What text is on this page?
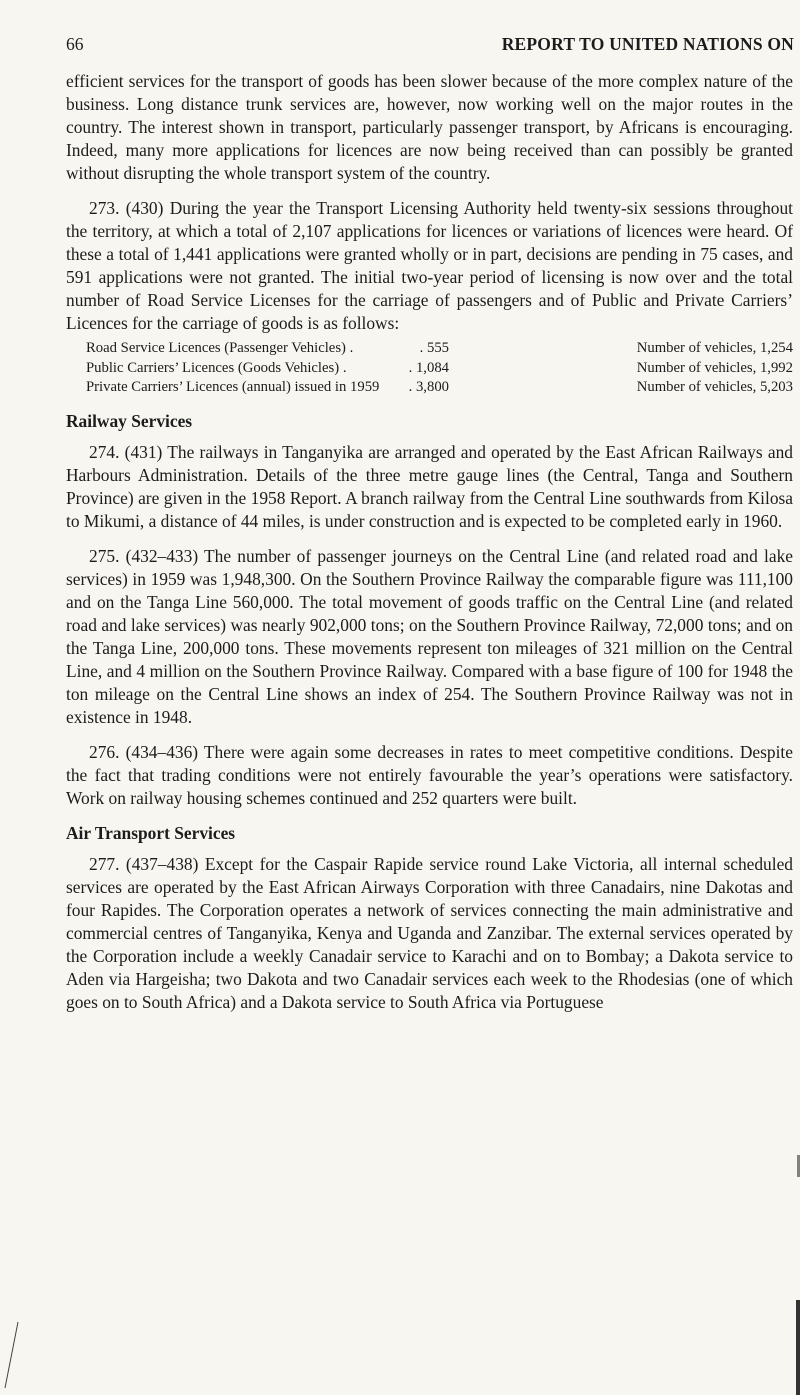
66	REPORT TO UNITED NATIONS ON

efficient services for the transport of goods has been slower because of the more complex nature of the business. Long distance trunk services are, however, now working well on the major routes in the country. The interest shown in transport, particularly passenger transport, by Africans is encouraging. Indeed, many more applications for licences are now being received than can possibly be granted without disrupting the whole transport system of the country.

273. (430) During the year the Transport Licensing Authority held twenty-six sessions throughout the territory, at which a total of 2,107 applications for licences or variations of licences were heard. Of these a total of 1,441 applications were granted wholly or in part, decisions are pending in 75 cases, and 591 applications were not granted. The initial two-year period of licensing is now over and the total number of Road Service Licenses for the carriage of passengers and of Public and Private Carriers’ Licences for the carriage of goods is as follows:

Road Service Licences (Passenger Vehicles) .	. 555	Number of vehicles, 1,254
Public Carriers’ Licences (Goods Vehicles) .	. 1,084	Number of vehicles, 1,992
Private Carriers’ Licences (annual) issued in 1959 . 3,800	Number of vehicles, 5,203
Railway Services

274. (431) The railways in Tanganyika are arranged and operated by the East African Railways and Harbours Administration. Details of the three metre gauge lines (the Central, Tanga and Southern Province) are given in the 1958 Report. A branch railway from the Central Line southwards from Kilosa to Mikumi, a distance of 44 miles, is under construction and is expected to be completed early in 1960.

275. (432–433) The number of passenger journeys on the Central Line (and related road and lake services) in 1959 was 1,948,300. On the Southern Province Railway the comparable figure was 111,100 and on the Tanga Line 560,000. The total movement of goods traffic on the Central Line (and related road and lake services) was nearly 902,000 tons; on the Southern Province Railway, 72,000 tons; and on the Tanga Line, 200,000 tons. These movements represent ton mileages of 321 million on the Central Line, and 4 million on the Southern Province Railway. Compared with a base figure of 100 for 1948 the ton mileage on the Central Line shows an index of 254. The Southern Province Railway was not in existence in 1948.

276. (434–436) There were again some decreases in rates to meet competitive conditions. Despite the fact that trading conditions were not entirely favourable the year’s operations were satisfactory. Work on railway housing schemes continued and 252 quarters were built.

Air Transport Services

277. (437–438) Except for the Caspair Rapide service round Lake Victoria, all internal scheduled services are operated by the East African Airways Corporation with three Canadairs, nine Dakotas and four Rapides. The Corporation operates a network of services connecting the main administrative and commercial centres of Tanganyika, Kenya and Uganda and Zanzibar. The external services operated by the Corporation include a weekly Canadair service to Karachi and on to Bombay; a Dakota service to Aden via Hargeisha; two Dakota and two Canadair services each week to the Rhodesias (one of which goes on to South Africa) and a Dakota service to South Africa via Portuguese
